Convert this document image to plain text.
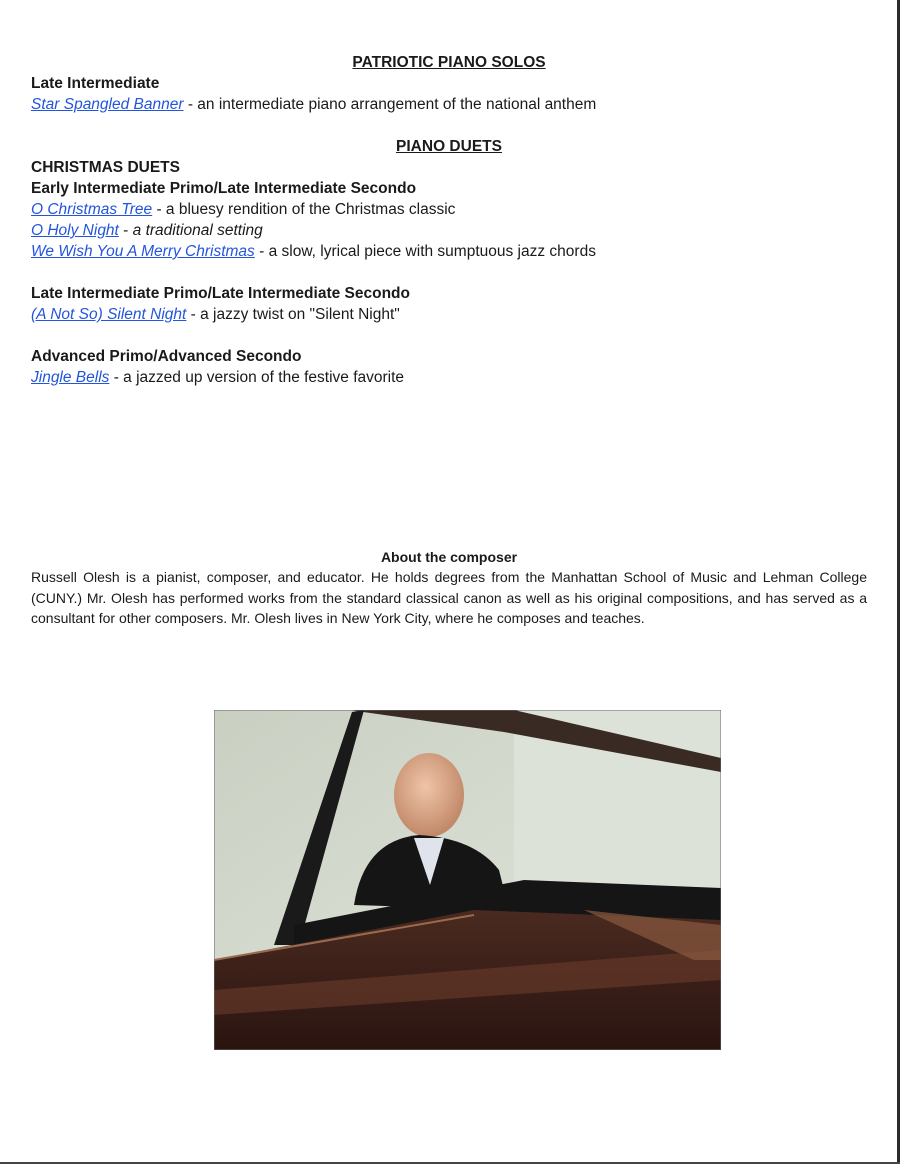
PATRIOTIC PIANO SOLOS
Late Intermediate
Star Spangled Banner - an intermediate piano arrangement of the national anthem
PIANO DUETS
CHRISTMAS DUETS
Early Intermediate Primo/Late Intermediate Secondo
O Christmas Tree - a bluesy rendition of the Christmas classic
O Holy Night - a traditional setting
We Wish You A Merry Christmas - a slow, lyrical piece with sumptuous jazz chords
Late Intermediate Primo/Late Intermediate Secondo
(A Not So) Silent Night - a jazzy twist on "Silent Night"
Advanced Primo/Advanced Secondo
Jingle Bells - a jazzed up version of the festive favorite
About the composer

Russell Olesh is a pianist, composer, and educator. He holds degrees from the Manhattan School of Music and Lehman College (CUNY.) Mr. Olesh has performed works from the standard classical canon as well as his original compositions, and has served as a consultant for other composers. Mr. Olesh lives in New York City, where he composes and teaches.
